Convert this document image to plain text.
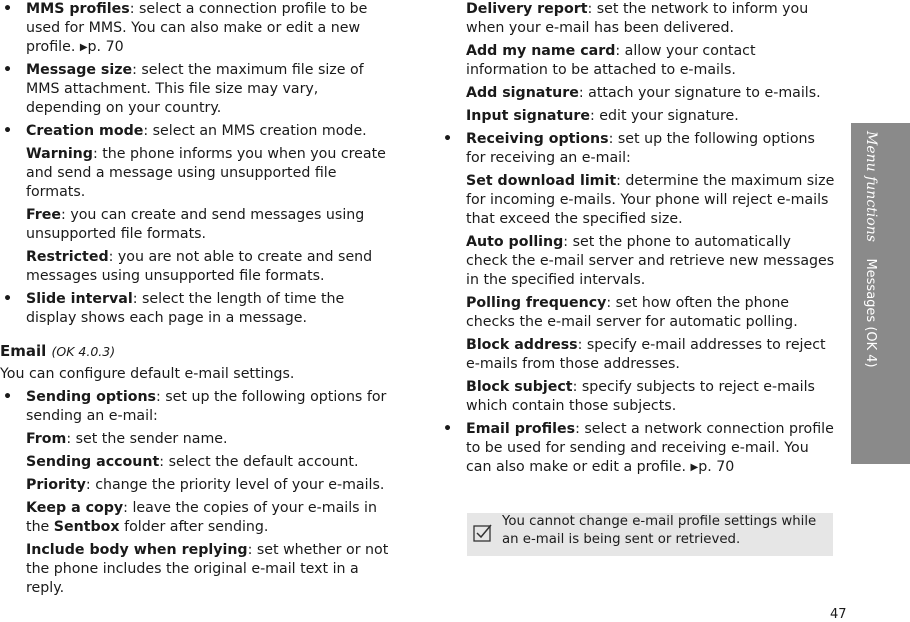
• MMS profiles: select a connection profile to be used for MMS. You can also make or edit a new profile. ▶p. 70

• Message size: select the maximum file size of MMS attachment. This file size may vary, depending on your country.

• Creation mode: select an MMS creation mode.

Warning: the phone informs you when you create and send a message using unsupported file formats.

Free: you can create and send messages using unsupported file formats.

Restricted: you are not able to create and send messages using unsupported file formats.

• Slide interval: select the length of time the display shows each page in a message.

Email (OK 4.0.3)

You can configure default e-mail settings.

• Sending options: set up the following options for sending an e-mail:

From: set the sender name.

Sending account: select the default account.

Priority: change the priority level of your e-mails.

Keep a copy: leave the copies of your e-mails in the Sentbox folder after sending.

Include body when replying: set whether or not the phone includes the original e-mail text in a reply.

Delivery report: set the network to inform you when your e-mail has been delivered.

Add my name card: allow your contact information to be attached to e-mails.

Add signature: attach your signature to e-mails.

Input signature: edit your signature.

• Receiving options: set up the following options for receiving an e-mail:

Set download limit: determine the maximum size for incoming e-mails. Your phone will reject e-mails that exceed the specified size.

Auto polling: set the phone to automatically check the e-mail server and retrieve new messages in the specified intervals.

Polling frequency: set how often the phone checks the e-mail server for automatic polling.

Block address: specify e-mail addresses to reject e-mails from those addresses.

Block subject: specify subjects to reject e-mails which contain those subjects.

• Email profiles: select a network connection profile to be used for sending and receiving e-mail. You can also make or edit a profile. ▶p. 70

You cannot change e-mail profile settings while an e-mail is being sent or retrieved.
Menu functions    Messages (OK 4)
47
